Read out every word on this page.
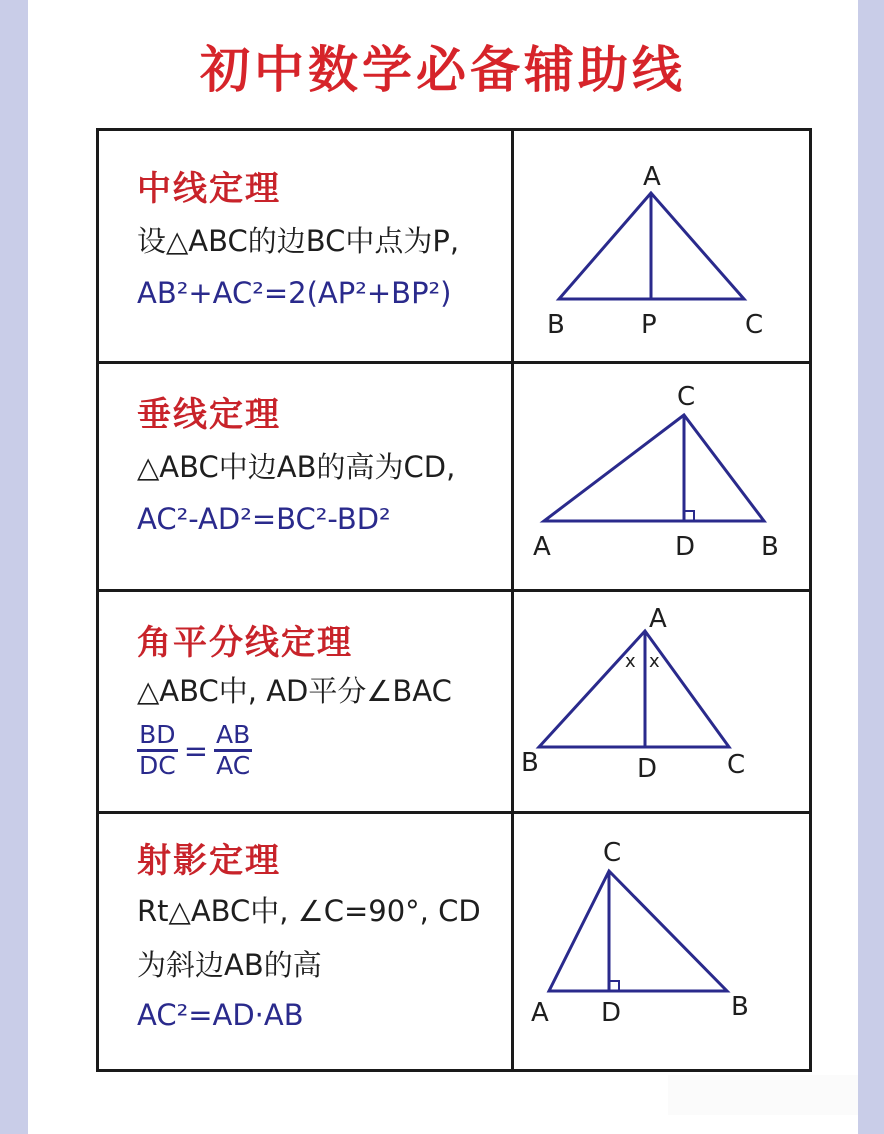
初中数学必备辅助线
中线定理
设△ABC的边BC中点为P,
AB²+AC²=2(AP²+BP²)
A
B	P	C
垂线定理
△ABC中边AB的高为CD,
AC²-AD²=BC²-BD²
C
A	D	B
角平分线定理
△ABC中, AD平分∠BAC
$\frac{BD}{DC} = \frac{AB}{AC}$
x x
A
B	D	C
射影定理
Rt△ABC中, ∠C=90°, CD
为斜边AB的高
AC²=AD·AB
C
A D	B
